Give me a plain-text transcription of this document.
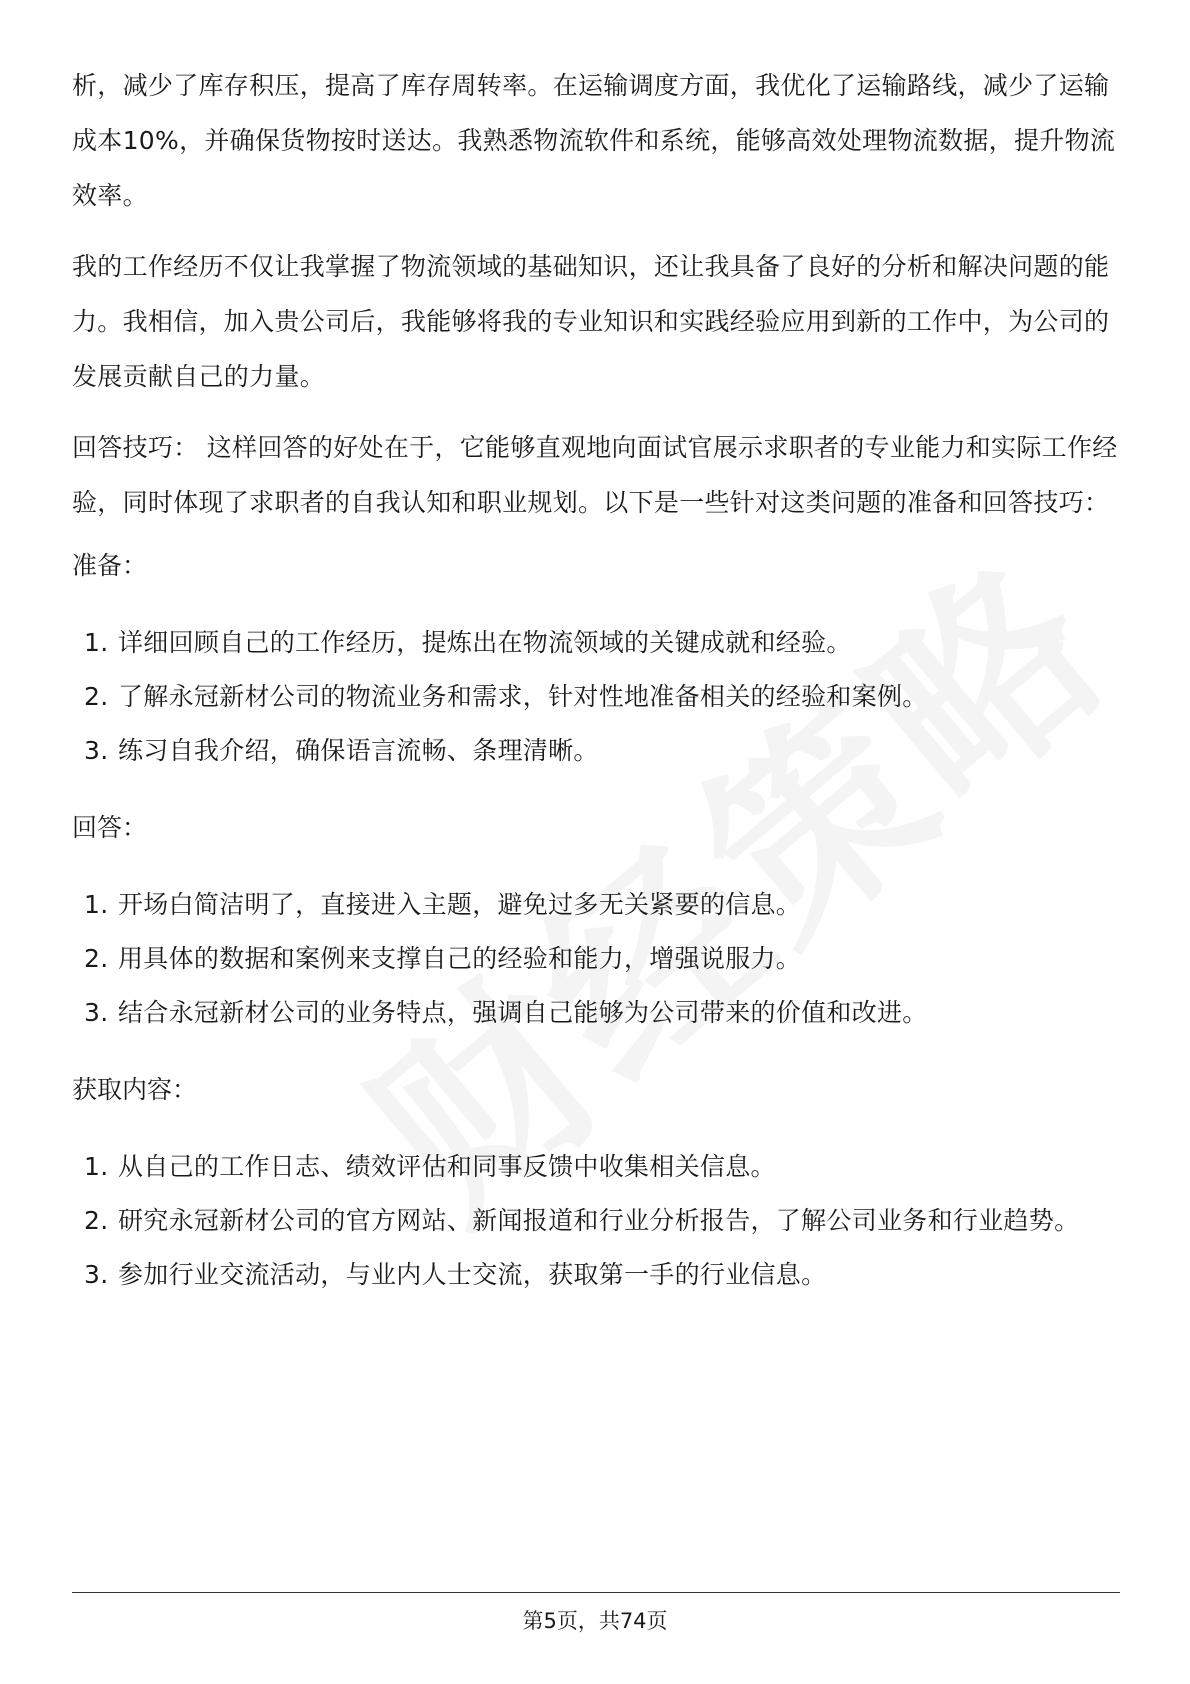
析，减少了库存积压，提高了库存周转率。在运输调度方面，我优化了运输路线，减少了运输成本10%，并确保货物按时送达。我熟悉物流软件和系统，能够高效处理物流数据，提升物流效率。

我的工作经历不仅让我掌握了物流领域的基础知识，还让我具备了良好的分析和解决问题的能力。我相信，加入贵公司后，我能够将我的专业知识和实践经验应用到新的工作中，为公司的发展贡献自己的力量。

回答技巧： 这样回答的好处在于，它能够直观地向面试官展示求职者的专业能力和实际工作经验，同时体现了求职者的自我认知和职业规划。以下是一些针对这类问题的准备和回答技巧：

准备：
1. 详细回顾自己的工作经历，提炼出在物流领域的关键成就和经验。
2. 了解永冠新材公司的物流业务和需求，针对性地准备相关的经验和案例。
3. 练习自我介绍，确保语言流畅、条理清晰。
回答：
1. 开场白简洁明了，直接进入主题，避免过多无关紧要的信息。
2. 用具体的数据和案例来支撑自己的经验和能力，增强说服力。
3. 结合永冠新材公司的业务特点，强调自己能够为公司带来的价值和改进。
获取内容：
1. 从自己的工作日志、绩效评估和同事反馈中收集相关信息。
2. 研究永冠新材公司的官方网站、新闻报道和行业分析报告，了解公司业务和行业趋势。
3. 参加行业交流活动，与业内人士交流，获取第一手的行业信息。
第5页，共74页
